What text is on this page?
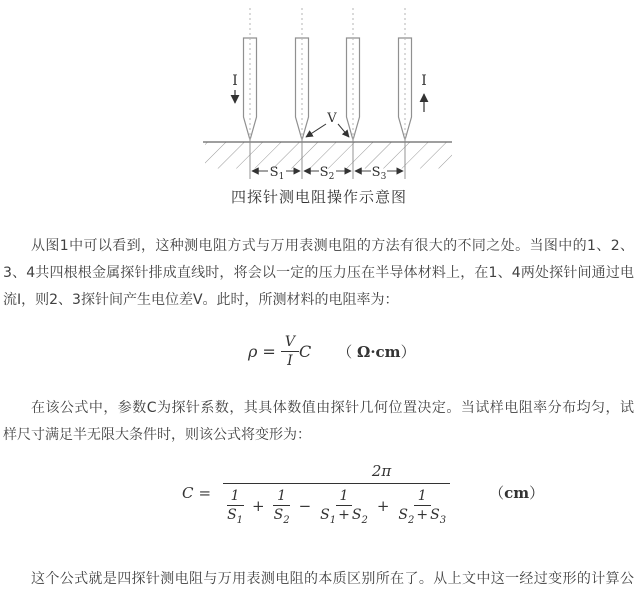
I	I
V
$S_1$	$S_2$	$S_3$
四探针测电阻操作示意图
从图1中可以看到，这种测电阻方式与万用表测电阻的方法有很大的不同之处。当图中的1、2、
3、4共四根根金属探针排成直线时，将会以一定的压力压在半导体材料上，在1、4两处探针间通过电
流I，则2、3探针间产生电位差V。此时，所测材料的电阻率为：
$\rho = \frac{V}{I}$ C （ Ω·cm）
在该公式中，参数C为探针系数，其具体数值由探针几何位置决定。当试样电阻率分布均匀，试
样尺寸满足半无限大条件时，则该公式将变形为：
C =
2π
$\frac{1}{S_1} + \frac{1}{S_2} - \frac{1}{S_1 + S_2} + \frac{1}{S_2 + S_3}$	（cm）
这个公式就是四探针测电阻与万用表测电阻的本质区别所在了。从上文中这一经过变形的计算公
